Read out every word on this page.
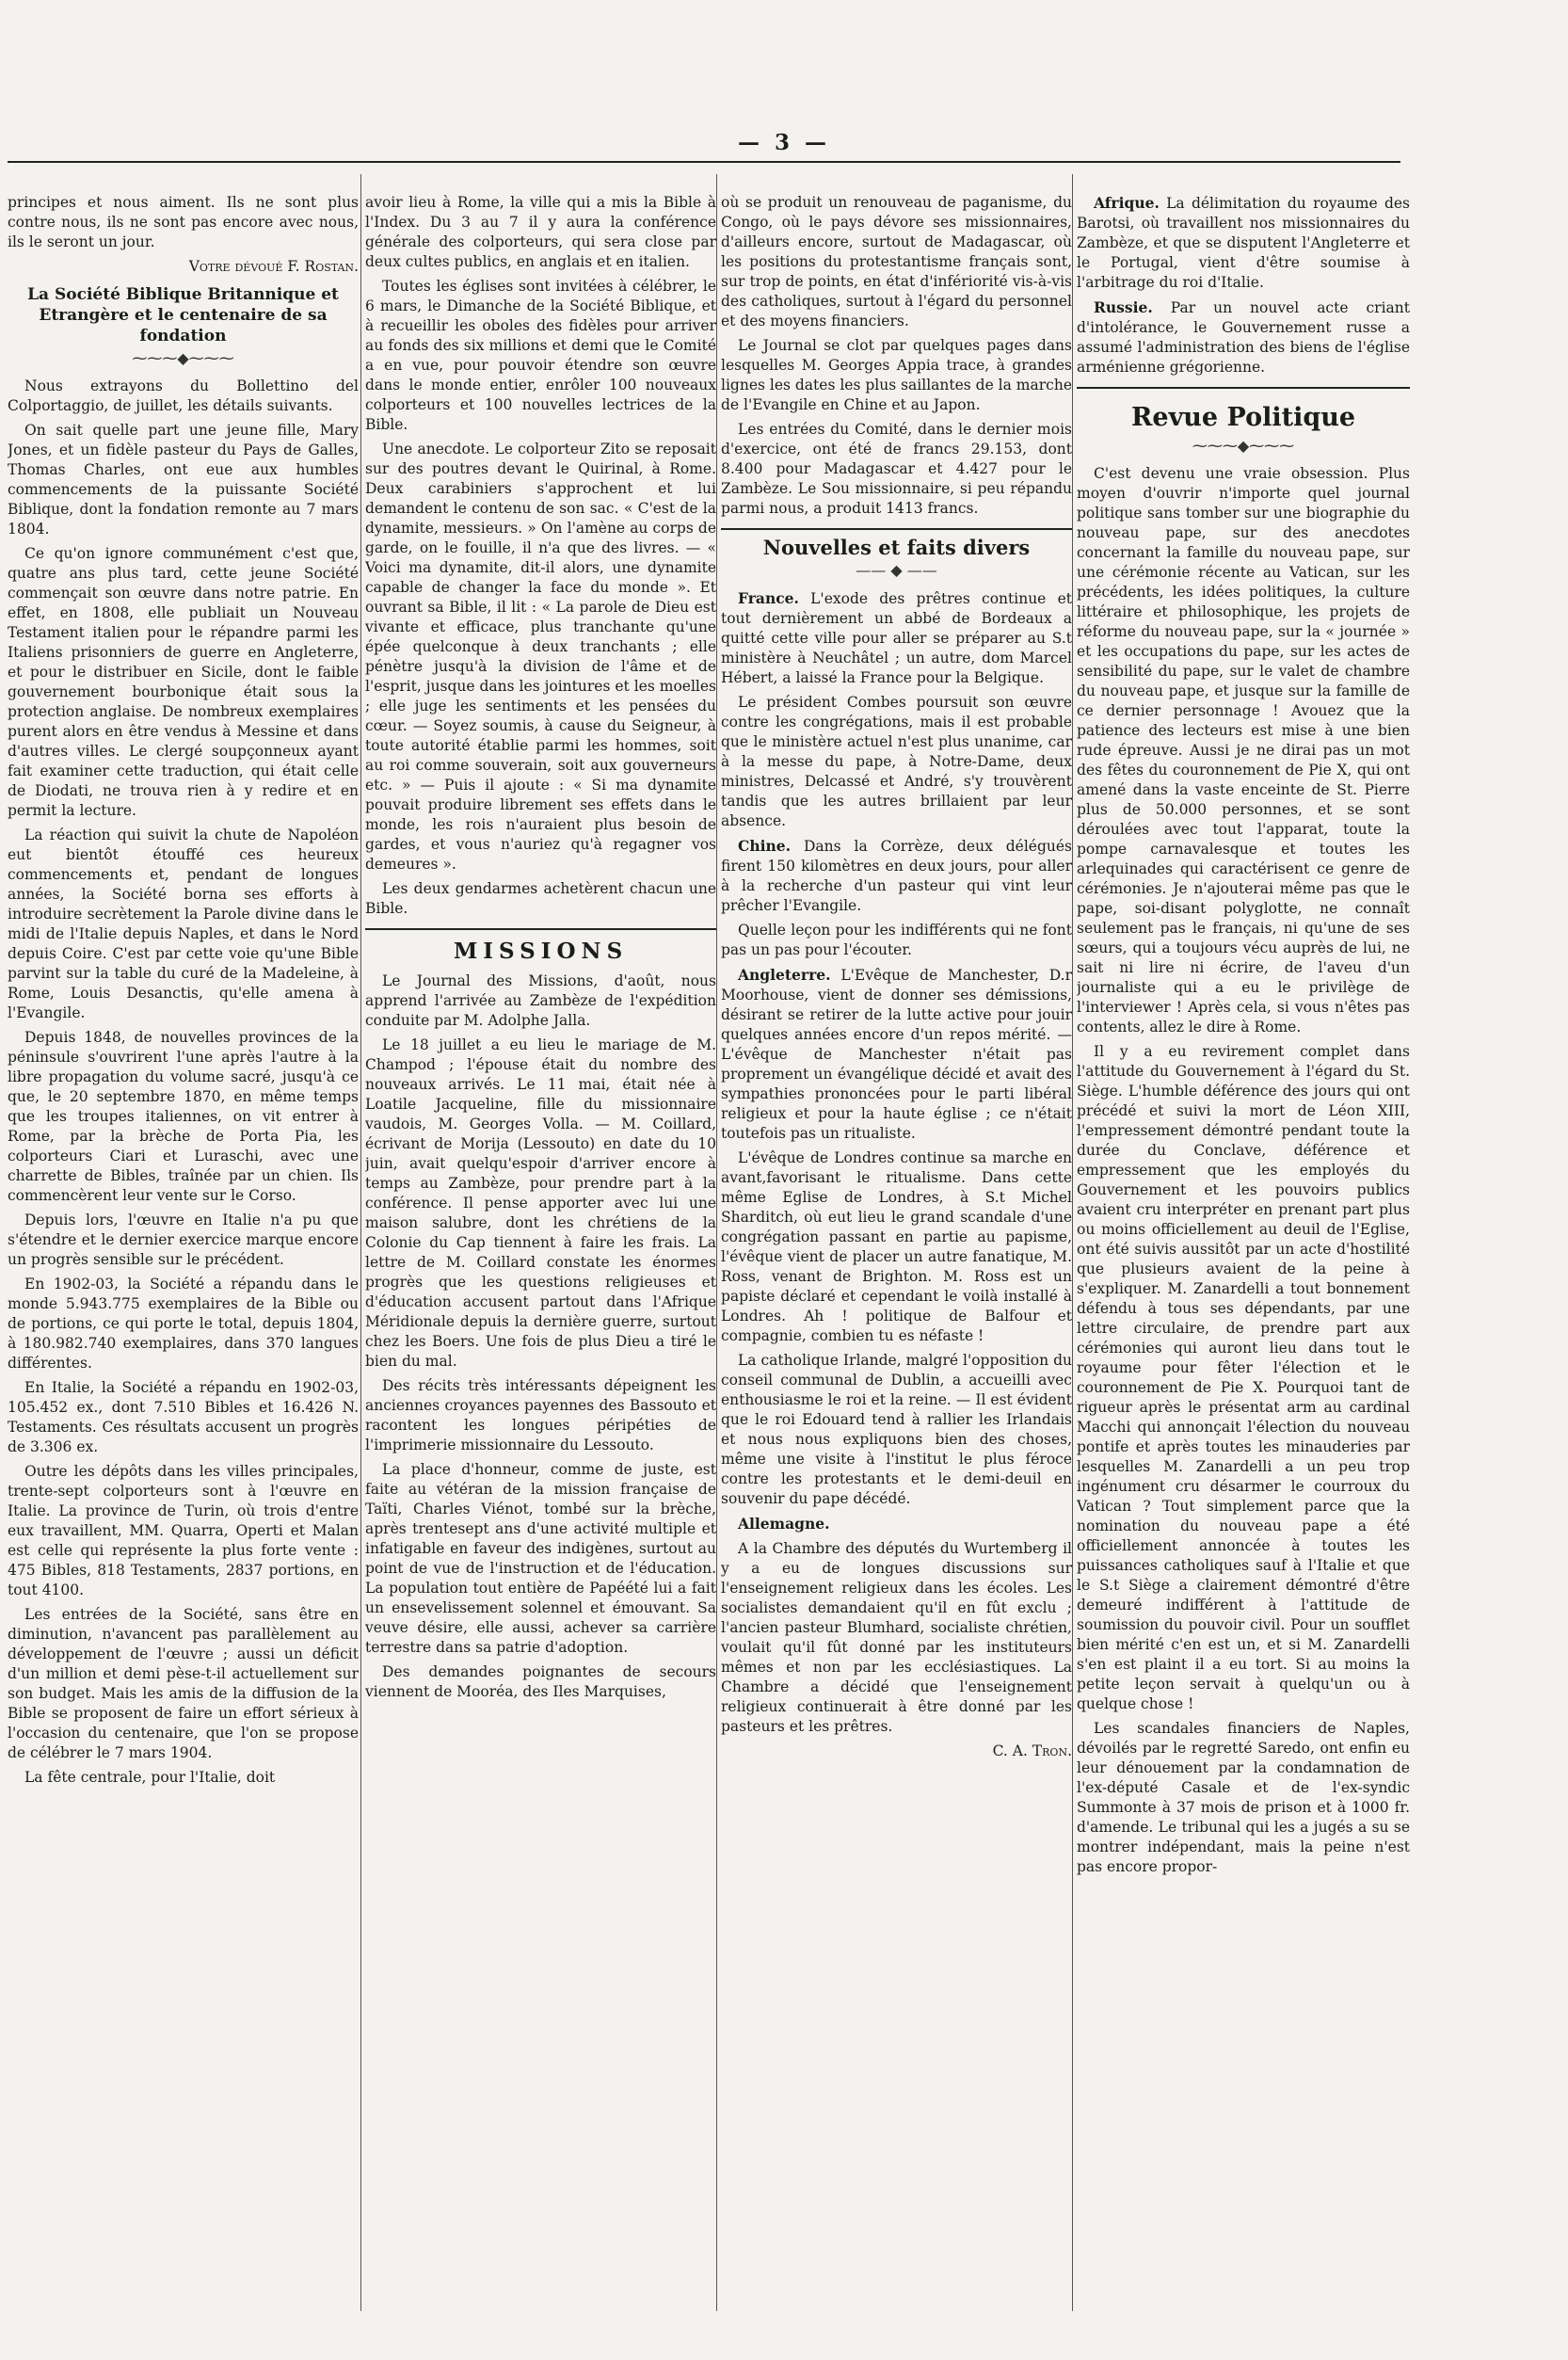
— 3 —

principes et nous aiment. Ils ne sont plus contre nous, ils ne sont pas encore avec nous, ils le seront un jour.

Votre dévoué F. Rostan.

La Société Biblique Britannique et Etrangère et le centenaire de sa fondation
⁓⁓⁓◆⁓⁓⁓

Nous extrayons du Bollettino del Colportaggio, de juillet, les détails suivants.

On sait quelle part une jeune fille, Mary Jones, et un fidèle pasteur du Pays de Galles, Thomas Charles, ont eue aux humbles commencements de la puissante Société Biblique, dont la fondation remonte au 7 mars 1804.

Ce qu'on ignore communément c'est que, quatre ans plus tard, cette jeune Société commençait son œuvre dans notre patrie. En effet, en 1808, elle publiait un Nouveau Testament italien pour le répandre parmi les Italiens prisonniers de guerre en Angleterre, et pour le distribuer en Sicile, dont le faible gouvernement bourbonique était sous la protection anglaise. De nombreux exemplaires purent alors en être vendus à Messine et dans d'autres villes. Le clergé soupçonneux ayant fait examiner cette traduction, qui était celle de Diodati, ne trouva rien à y redire et en permit la lecture.

La réaction qui suivit la chute de Napoléon eut bientôt étouffé ces heureux commencements et, pendant de longues années, la Société borna ses efforts à introduire secrètement la Parole divine dans le midi de l'Italie depuis Naples, et dans le Nord depuis Coire. C'est par cette voie qu'une Bible parvint sur la table du curé de la Madeleine, à Rome, Louis Desanctis, qu'elle amena à l'Evangile.

Depuis 1848, de nouvelles provinces de la péninsule s'ouvrirent l'une après l'autre à la libre propagation du volume sacré, jusqu'à ce que, le 20 septembre 1870, en même temps que les troupes italiennes, on vit entrer à Rome, par la brèche de Porta Pia, les colporteurs Ciari et Luraschi, avec une charrette de Bibles, traînée par un chien. Ils commencèrent leur vente sur le Corso.

Depuis lors, l'œuvre en Italie n'a pu que s'étendre et le dernier exercice marque encore un progrès sensible sur le précédent.

En 1902-03, la Société a répandu dans le monde 5.943.775 exemplaires de la Bible ou de portions, ce qui porte le total, depuis 1804, à 180.982.740 exemplaires, dans 370 langues différentes.

En Italie, la Société a répandu en 1902-03, 105.452 ex., dont 7.510 Bibles et 16.426 N. Testaments. Ces résultats accusent un progrès de 3.306 ex.

Outre les dépôts dans les villes principales, trente-sept colporteurs sont à l'œuvre en Italie. La province de Turin, où trois d'entre eux travaillent, MM. Quarra, Operti et Malan est celle qui représente la plus forte vente : 475 Bibles, 818 Testaments, 2837 portions, en tout 4100.

Les entrées de la Société, sans être en diminution, n'avancent pas parallèlement au développement de l'œuvre ; aussi un déficit d'un million et demi pèse-t-il actuellement sur son budget. Mais les amis de la diffusion de la Bible se proposent de faire un effort sérieux à l'occasion du centenaire, que l'on se propose de célébrer le 7 mars 1904.

La fête centrale, pour l'Italie, doit

avoir lieu à Rome, la ville qui a mis la Bible à l'Index. Du 3 au 7 il y aura la conférence générale des colporteurs, qui sera close par deux cultes publics, en anglais et en italien.

Toutes les églises sont invitées à célébrer, le 6 mars, le Dimanche de la Société Biblique, et à recueillir les oboles des fidèles pour arriver au fonds des six millions et demi que le Comité a en vue, pour pouvoir étendre son œuvre dans le monde entier, enrôler 100 nouveaux colporteurs et 100 nouvelles lectrices de la Bible.

Une anecdote. Le colporteur Zito se reposait sur des poutres devant le Quirinal, à Rome. Deux carabiniers s'approchent et lui demandent le contenu de son sac. « C'est de la dynamite, messieurs. » On l'amène au corps de garde, on le fouille, il n'a que des livres. — « Voici ma dynamite, dit-il alors, une dynamite capable de changer la face du monde ». Et ouvrant sa Bible, il lit : « La parole de Dieu est vivante et efficace, plus tranchante qu'une épée quelconque à deux tranchants ; elle pénètre jusqu'à la division de l'âme et de l'esprit, jusque dans les jointures et les moelles ; elle juge les sentiments et les pensées du cœur. — Soyez soumis, à cause du Seigneur, à toute autorité établie parmi les hommes, soit au roi comme souverain, soit aux gouverneurs etc. » — Puis il ajoute : « Si ma dynamite pouvait produire librement ses effets dans le monde, les rois n'auraient plus besoin de gardes, et vous n'auriez qu'à regagner vos demeures ».

Les deux gendarmes achetèrent chacun une Bible.

MISSIONS

Le Journal des Missions, d'août, nous apprend l'arrivée au Zambèze de l'expédition conduite par M. Adolphe Jalla.

Le 18 juillet a eu lieu le mariage de M. Champod ; l'épouse était du nombre des nouveaux arrivés. Le 11 mai, était née à Loatile Jacqueline, fille du missionnaire vaudois, M. Georges Volla. — M. Coillard, écrivant de Morija (Lessouto) en date du 10 juin, avait quelqu'espoir d'arriver encore à temps au Zambèze, pour prendre part à la conférence. Il pense apporter avec lui une maison salubre, dont les chrétiens de la Colonie du Cap tiennent à faire les frais. La lettre de M. Coillard constate les énormes progrès que les questions religieuses et d'éducation accusent partout dans l'Afrique Méridionale depuis la dernière guerre, surtout chez les Boers. Une fois de plus Dieu a tiré le bien du mal.

Des récits très intéressants dépeignent les anciennes croyances payennes des Bassouto et racontent les longues péripéties de l'imprimerie missionnaire du Lessouto.

La place d'honneur, comme de juste, est faite au vétéran de la mission française de Taïti, Charles Viénot, tombé sur la brèche, après trentesept ans d'une activité multiple et infatigable en faveur des indigènes, surtout au point de vue de l'instruction et de l'éducation. La population tout entière de Papéété lui a fait un ensevelissement solennel et émouvant. Sa veuve désire, elle aussi, achever sa carrière terrestre dans sa patrie d'adoption.

Des demandes poignantes de secours viennent de Mooréa, des Iles Marquises,

où se produit un renouveau de paganisme, du Congo, où le pays dévore ses missionnaires, d'ailleurs encore, surtout de Madagascar, où les positions du protestantisme français sont, sur trop de points, en état d'infériorité vis-à-vis des catholiques, surtout à l'égard du personnel et des moyens financiers.

Le Journal se clot par quelques pages dans lesquelles M. Georges Appia trace, à grandes lignes les dates les plus saillantes de la marche de l'Evangile en Chine et au Japon.

Les entrées du Comité, dans le dernier mois d'exercice, ont été de francs 29.153, dont 8.400 pour Madagascar et 4.427 pour le Zambèze. Le Sou missionnaire, si peu répandu parmi nous, a produit 1413 francs.

Nouvelles et faits divers
—— ◆ ——

France. L'exode des prêtres continue et tout dernièrement un abbé de Bordeaux a quitté cette ville pour aller se préparer au S.t ministère à Neuchâtel ; un autre, dom Marcel Hébert, a laissé la France pour la Belgique.

Le président Combes poursuit son œuvre contre les congrégations, mais il est probable que le ministère actuel n'est plus unanime, car à la messe du pape, à Notre-Dame, deux ministres, Delcassé et André, s'y trouvèrent tandis que les autres brillaient par leur absence.

Chine. Dans la Corrèze, deux délégués firent 150 kilomètres en deux jours, pour aller à la recherche d'un pasteur qui vint leur prêcher l'Evangile.

Quelle leçon pour les indifférents qui ne font pas un pas pour l'écouter.

Angleterre. L'Evêque de Manchester, D.r Moorhouse, vient de donner ses démissions, désirant se retirer de la lutte active pour jouir quelques années encore d'un repos mérité. — L'évêque de Manchester n'était pas proprement un évangélique décidé et avait des sympathies prononcées pour le parti libéral religieux et pour la haute église ; ce n'était toutefois pas un ritualiste.

L'évêque de Londres continue sa marche en avant,favorisant le ritualisme. Dans cette même Eglise de Londres, à S.t Michel Sharditch, où eut lieu le grand scandale d'une congrégation passant en partie au papisme, l'évêque vient de placer un autre fanatique, M. Ross, venant de Brighton. M. Ross est un papiste déclaré et cependant le voilà installé à Londres. Ah ! politique de Balfour et compagnie, combien tu es néfaste !

La catholique Irlande, malgré l'opposition du conseil communal de Dublin, a accueilli avec enthousiasme le roi et la reine. — Il est évident que le roi Edouard tend à rallier les Irlandais et nous nous expliquons bien des choses, même une visite à l'institut le plus féroce contre les protestants et le demi-deuil en souvenir du pape décédé.

Allemagne.

A la Chambre des députés du Wurtemberg il y a eu de longues discussions sur l'enseignement religieux dans les écoles. Les socialistes demandaient qu'il en fût exclu ; l'ancien pasteur Blumhard, socialiste chrétien, voulait qu'il fût donné par les instituteurs mêmes et non par les ecclésiastiques. La Chambre a décidé que l'enseignement religieux continuerait à être donné par les pasteurs et les prêtres.

C. A. Tron.

Afrique. La délimitation du royaume des Barotsi, où travaillent nos missionnaires du Zambèze, et que se disputent l'Angleterre et le Portugal, vient d'être soumise à l'arbitrage du roi d'Italie.

Russie. Par un nouvel acte criant d'intolérance, le Gouvernement russe a assumé l'administration des biens de l'église arménienne grégorienne.

Revue Politique
⁓⁓⁓◆⁓⁓⁓

C'est devenu une vraie obsession. Plus moyen d'ouvrir n'importe quel journal politique sans tomber sur une biographie du nouveau pape, sur des anecdotes concernant la famille du nouveau pape, sur une cérémonie récente au Vatican, sur les précédents, les idées politiques, la culture littéraire et philosophique, les projets de réforme du nouveau pape, sur la « journée » et les occupations du pape, sur les actes de sensibilité du pape, sur le valet de chambre du nouveau pape, et jusque sur la famille de ce dernier personnage ! Avouez que la patience des lecteurs est mise à une bien rude épreuve. Aussi je ne dirai pas un mot des fêtes du couronnement de Pie X, qui ont amené dans la vaste enceinte de St. Pierre plus de 50.000 personnes, et se sont déroulées avec tout l'apparat, toute la pompe carnavalesque et toutes les arlequinades qui caractérisent ce genre de cérémonies. Je n'ajouterai même pas que le pape, soi-disant polyglotte, ne connaît seulement pas le français, ni qu'une de ses sœurs, qui a toujours vécu auprès de lui, ne sait ni lire ni écrire, de l'aveu d'un journaliste qui a eu le privilège de l'interviewer ! Après cela, si vous n'êtes pas contents, allez le dire à Rome.

Il y a eu revirement complet dans l'attitude du Gouvernement à l'égard du St. Siège. L'humble déférence des jours qui ont précédé et suivi la mort de Léon XIII, l'empressement démontré pendant toute la durée du Conclave, déférence et empressement que les employés du Gouvernement et les pouvoirs publics avaient cru interpréter en prenant part plus ou moins officiellement au deuil de l'Eglise, ont été suivis aussitôt par un acte d'hostilité que plusieurs avaient de la peine à s'expliquer. M. Zanardelli a tout bonnement défendu à tous ses dépendants, par une lettre circulaire, de prendre part aux cérémonies qui auront lieu dans tout le royaume pour fêter l'élection et le couronnement de Pie X. Pourquoi tant de rigueur après le présentat arm au cardinal Macchi qui annonçait l'élection du nouveau pontife et après toutes les minauderies par lesquelles M. Zanardelli a un peu trop ingénument cru désarmer le courroux du Vatican ? Tout simplement parce que la nomination du nouveau pape a été officiellement annoncée à toutes les puissances catholiques sauf à l'Italie et que le S.t Siège a clairement démontré d'être demeuré indifférent à l'attitude de soumission du pouvoir civil. Pour un soufflet bien mérité c'en est un, et si M. Zanardelli s'en est plaint il a eu tort. Si au moins la petite leçon servait à quelqu'un ou à quelque chose !

Les scandales financiers de Naples, dévoilés par le regretté Saredo, ont enfin eu leur dénouement par la condamnation de l'ex-député Casale et de l'ex-syndic Summonte à 37 mois de prison et à 1000 fr. d'amende. Le tribunal qui les a jugés a su se montrer indépendant, mais la peine n'est pas encore propor-
